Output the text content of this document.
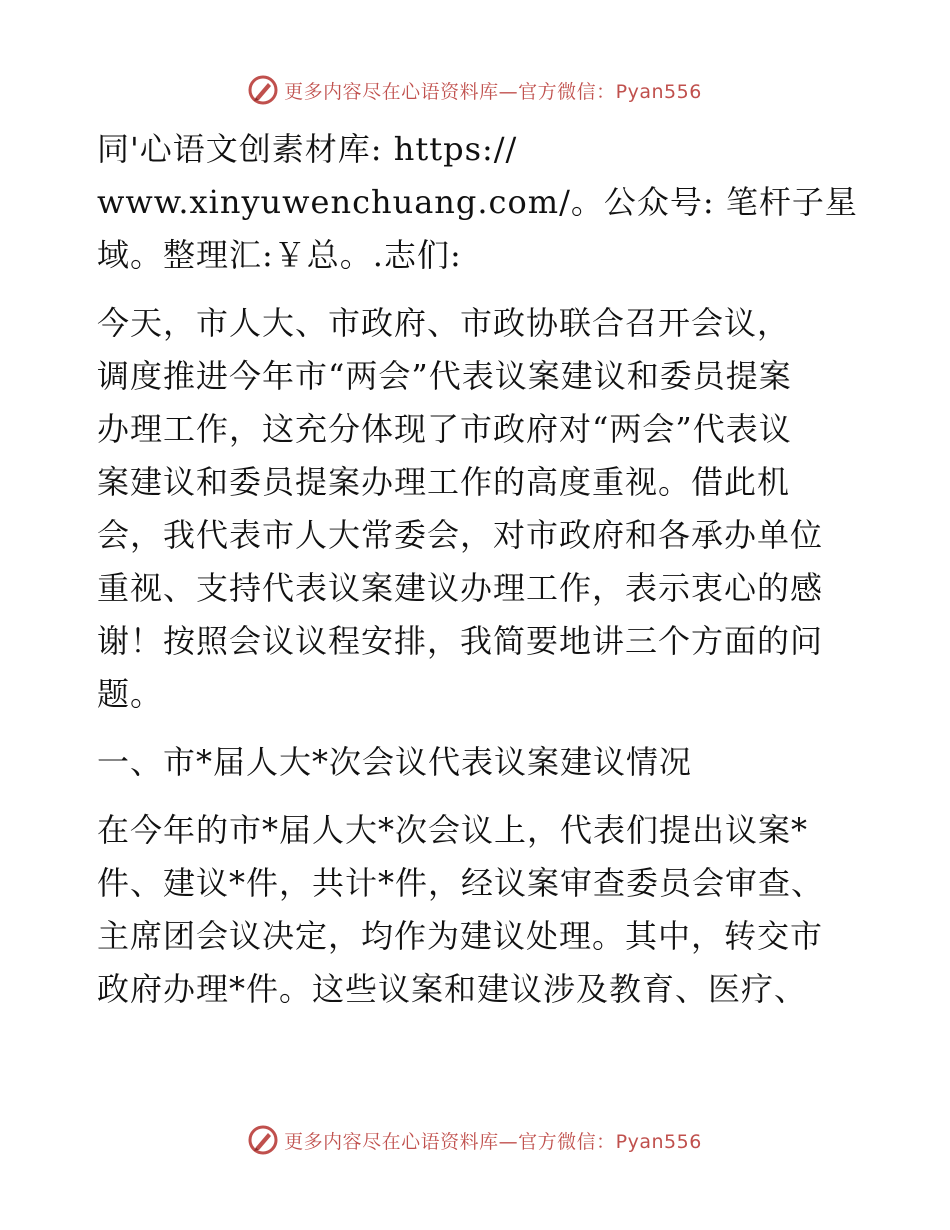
更多内容尽在心语资料库—官方微信：Pyan556

同'心语文创素材库: https://
www.xinyuwenchuang.com/。公众号: 笔杆子星
域。整理汇:￥总。.志们:

今天，市人大、市政府、市政协联合召开会议，
调度推进今年市“两会”代表议案建议和委员提案
办理工作，这充分体现了市政府对“两会”代表议
案建议和委员提案办理工作的高度重视。借此机
会，我代表市人大常委会，对市政府和各承办单位
重视、支持代表议案建议办理工作，表示衷心的感
谢！按照会议议程安排，我简要地讲三个方面的问
题。

一、市*届人大*次会议代表议案建议情况

在今年的市*届人大*次会议上，代表们提出议案*
件、建议*件，共计*件，经议案审查委员会审查、
主席团会议决定，均作为建议处理。其中，转交市
政府办理*件。这些议案和建议涉及教育、医疗、

更多内容尽在心语资料库—官方微信：Pyan556
